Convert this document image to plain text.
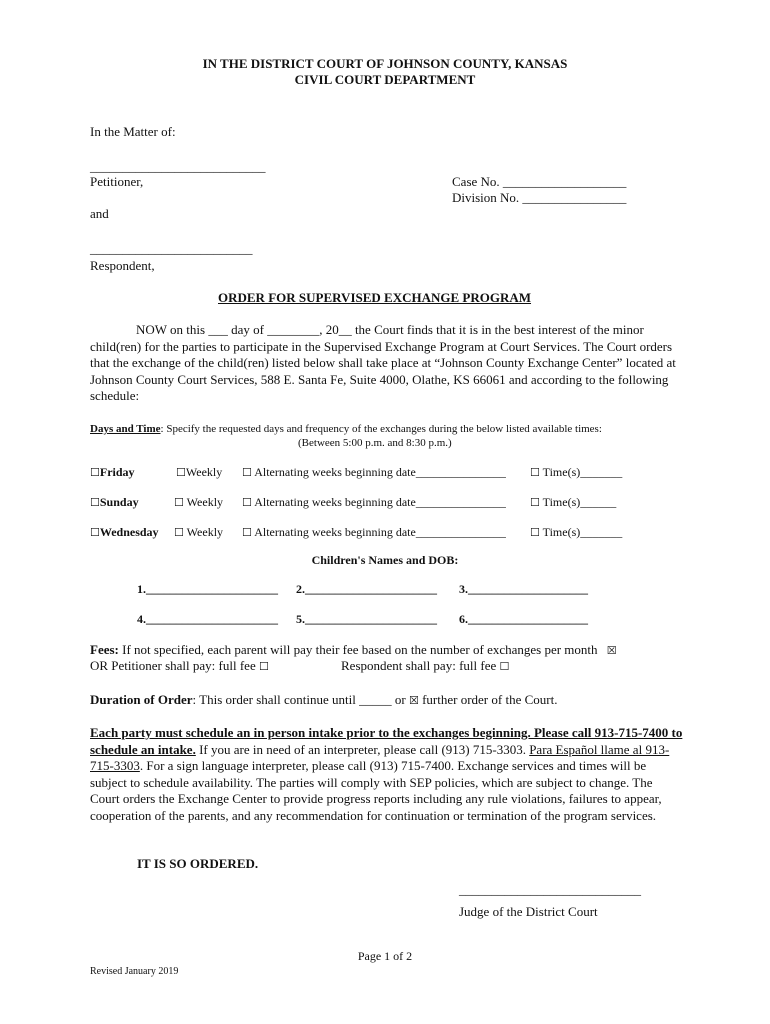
IN THE DISTRICT COURT OF JOHNSON COUNTY, KANSAS
CIVIL COURT DEPARTMENT
In the Matter of:
___________________________
Petitioner,	Case No. ___________________
Division No. ________________
and
_________________________
Respondent,
ORDER FOR SUPERVISED EXCHANGE PROGRAM
NOW on this ___ day of ________, 20__ the Court finds that it is in the best interest of the minor child(ren) for the parties to participate in the Supervised Exchange Program at Court Services. The Court orders that the exchange of the child(ren) listed below shall take place at “Johnson County Exchange Center” located at Johnson County Court Services, 588 E. Santa Fe, Suite 4000, Olathe, KS 66061 and according to the following schedule:
Days and Time: Specify the requested days and frequency of the exchanges during the below listed available times:
(Between 5:00 p.m. and 8:30 p.m.)
☐Friday	☐Weekly ☐ Alternating weeks beginning date_______________ ☐ Time(s)_______
☐Sunday	☐ Weekly ☐ Alternating weeks beginning date_______________ ☐ Time(s)______
☐Wednesday ☐ Weekly ☐ Alternating weeks beginning date_______________ ☐ Time(s)_______
Children's Names and DOB:
1.______________________ 2.______________________ 3.____________________
4.______________________ 5.______________________ 6.____________________
Fees: If not specified, each parent will pay their fee based on the number of exchanges per month ☒
OR Petitioner shall pay: full fee ☐	Respondent shall pay: full fee ☐
Duration of Order: This order shall continue until _____ or ☒ further order of the Court.
Each party must schedule an in person intake prior to the exchanges beginning. Please call 913-715-7400 to schedule an intake. If you are in need of an interpreter, please call (913) 715-3303. Para Español llame al 913-715-3303. For a sign language interpreter, please call (913) 715-7400. Exchange services and times will be subject to schedule availability. The parties will comply with SEP policies, which are subject to change. The Court orders the Exchange Center to provide progress reports including any rule violations, failures to appear, cooperation of the parents, and any recommendation for continuation or termination of the program services.
IT IS SO ORDERED.
____________________________
Judge of the District Court
Page 1 of 2
Revised January 2019
